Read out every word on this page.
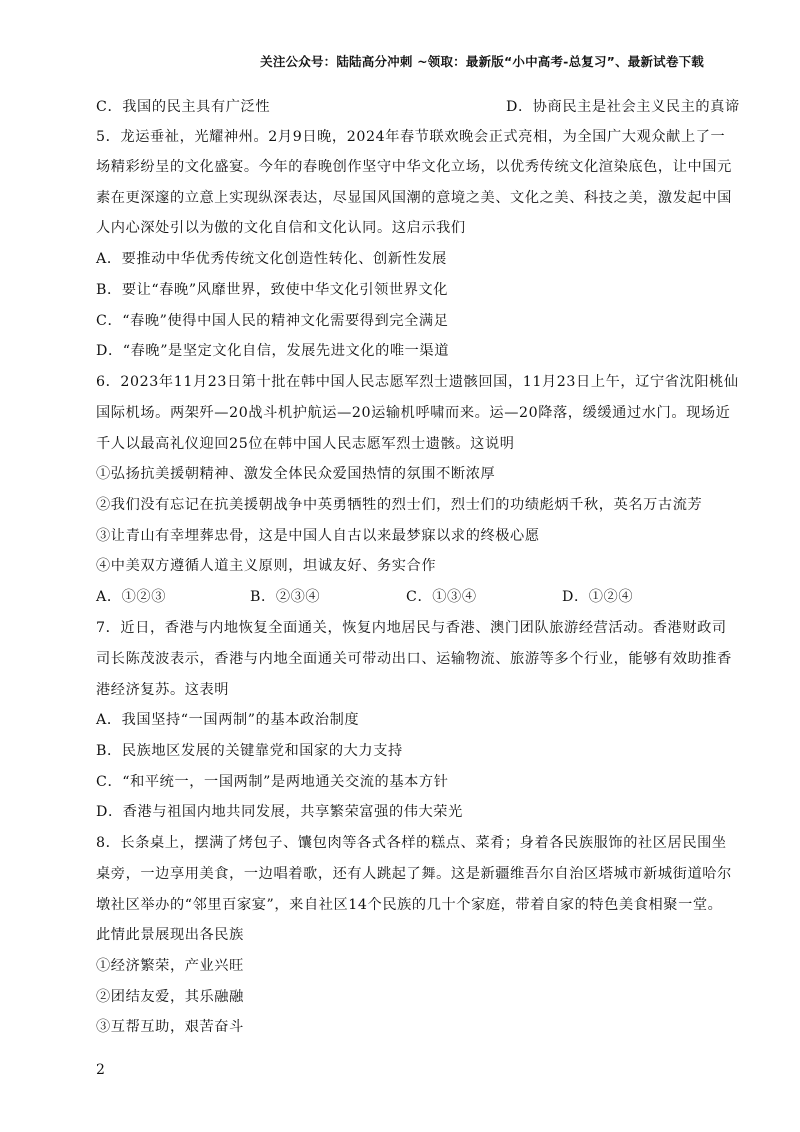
关注公众号：陆陆高分冲刺 ~领取：最新版“小中高考-总复习”、最新试卷下载
C．我国的民主具有广泛性	D．协商民主是社会主义民主的真谛
5．龙运垂祉，光耀神州。2月9日晚，2024年春节联欢晚会正式亮相，为全国广大观众献上了一
场精彩纷呈的文化盛宴。今年的春晚创作坚守中华文化立场，以优秀传统文化渲染底色，让中国元
素在更深邃的立意上实现纵深表达，尽显国风国潮的意境之美、文化之美、科技之美，激发起中国
人内心深处引以为傲的文化自信和文化认同。这启示我们
A．要推动中华优秀传统文化创造性转化、创新性发展
B．要让“春晚”风靡世界，致使中华文化引领世界文化
C．“春晚”使得中国人民的精神文化需要得到完全满足
D．“春晚”是坚定文化自信，发展先进文化的唯一渠道
6．2023年11月23日第十批在韩中国人民志愿军烈士遗骸回国，11月23日上午，辽宁省沈阳桃仙
国际机场。两架歼—20战斗机护航运—20运输机呼啸而来。运—20降落，缓缓通过水门。现场近
千人以最高礼仪迎回25位在韩中国人民志愿军烈士遗骸。这说明
①弘扬抗美援朝精神、激发全体民众爱国热情的氛围不断浓厚
②我们没有忘记在抗美援朝战争中英勇牺牲的烈士们，烈士们的功绩彪炳千秋，英名万古流芳
③让青山有幸埋葬忠骨，这是中国人自古以来最梦寐以求的终极心愿
④中美双方遵循人道主义原则，坦诚友好、务实合作
A．①②③	B．②③④	C．①③④	D．①②④
7．近日，香港与内地恢复全面通关，恢复内地居民与香港、澳门团队旅游经营活动。香港财政司
司长陈茂波表示，香港与内地全面通关可带动出口、运输物流、旅游等多个行业，能够有效助推香
港经济复苏。这表明
A．我国坚持“一国两制”的基本政治制度
B．民族地区发展的关键靠党和国家的大力支持
C．“和平统一，一国两制”是两地通关交流的基本方针
D．香港与祖国内地共同发展，共享繁荣富强的伟大荣光
8．长条桌上，摆满了烤包子、馕包肉等各式各样的糕点、菜肴；身着各民族服饰的社区居民围坐
桌旁，一边享用美食，一边唱着歌，还有人跳起了舞。这是新疆维吾尔自治区塔城市新城街道哈尔
墩社区举办的“邻里百家宴”，来自社区14个民族的几十个家庭，带着自家的特色美食相聚一堂。
此情此景展现出各民族
①经济繁荣，产业兴旺
②团结友爱，其乐融融
③互帮互助，艰苦奋斗
2
